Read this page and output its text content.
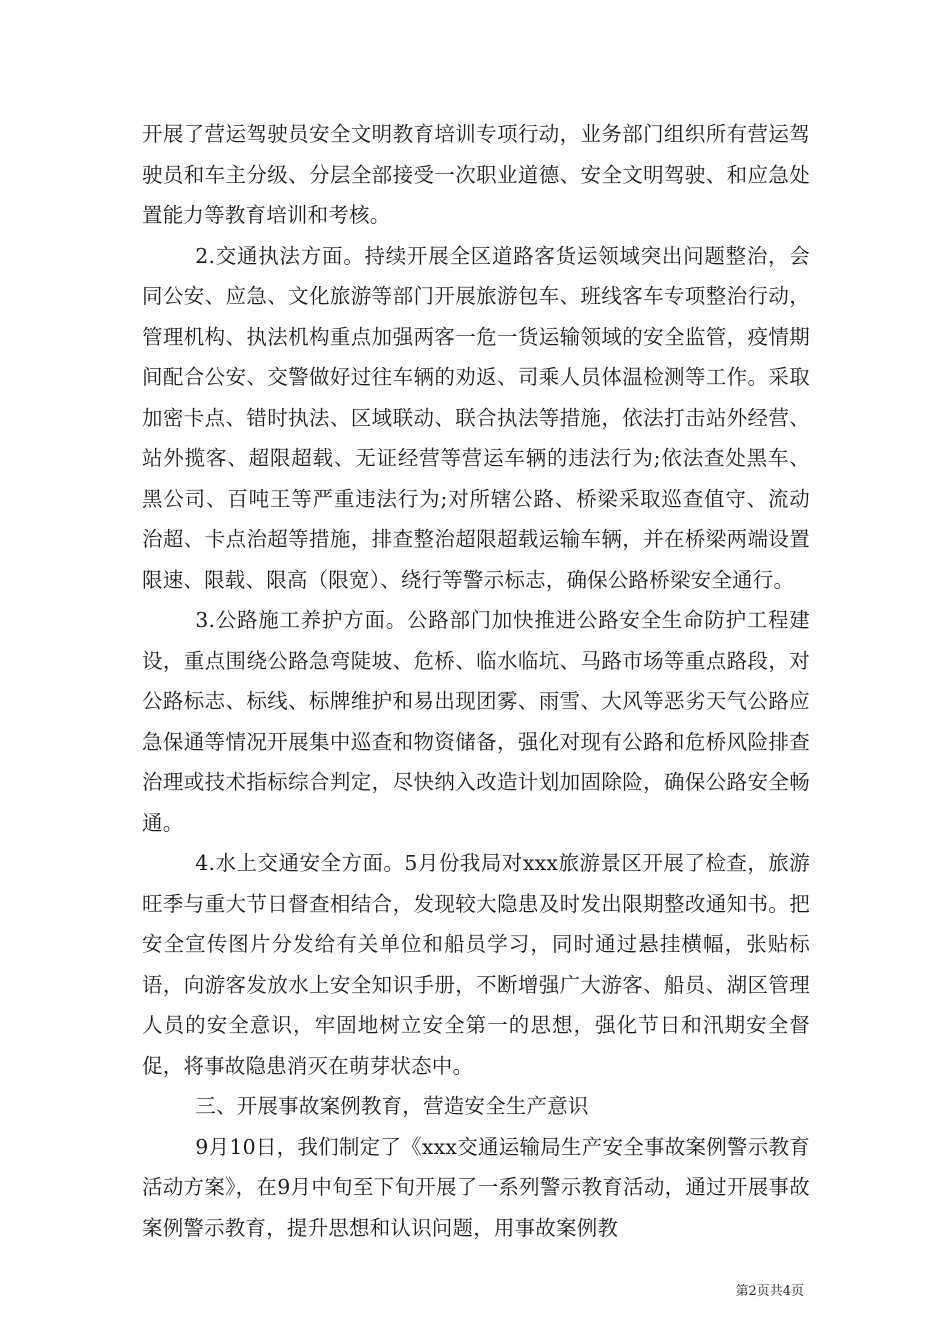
开展了营运驾驶员安全文明教育培训专项行动，业务部门组织所有营运驾驶员和车主分级、分层全部接受一次职业道德、安全文明驾驶、和应急处置能力等教育培训和考核。

2.交通执法方面。持续开展全区道路客货运领域突出问题整治，会同公安、应急、文化旅游等部门开展旅游包车、班线客车专项整治行动，管理机构、执法机构重点加强两客一危一货运输领域的安全监管，疫情期间配合公安、交警做好过往车辆的劝返、司乘人员体温检测等工作。采取加密卡点、错时执法、区域联动、联合执法等措施，依法打击站外经营、站外揽客、超限超载、无证经营等营运车辆的违法行为;依法查处黑车、黑公司、百吨王等严重违法行为;对所辖公路、桥梁采取巡查值守、流动治超、卡点治超等措施，排查整治超限超载运输车辆，并在桥梁两端设置限速、限载、限高（限宽）、绕行等警示标志，确保公路桥梁安全通行。

3.公路施工养护方面。公路部门加快推进公路安全生命防护工程建设，重点围绕公路急弯陡坡、危桥、临水临坑、马路市场等重点路段，对公路标志、标线、标牌维护和易出现团雾、雨雪、大风等恶劣天气公路应急保通等情况开展集中巡查和物资储备，强化对现有公路和危桥风险排查治理或技术指标综合判定，尽快纳入改造计划加固除险，确保公路安全畅通。

4.水上交通安全方面。5月份我局对xxx旅游景区开展了检查，旅游旺季与重大节日督查相结合，发现较大隐患及时发出限期整改通知书。把安全宣传图片分发给有关单位和船员学习，同时通过悬挂横幅，张贴标语，向游客发放水上安全知识手册，不断增强广大游客、船员、湖区管理人员的安全意识，牢固地树立安全第一的思想，强化节日和汛期安全督促，将事故隐患消灭在萌芽状态中。

三、开展事故案例教育，营造安全生产意识

9月10日，我们制定了《xxx交通运输局生产安全事故案例警示教育活动方案》，在9月中旬至下旬开展了一系列警示教育活动，通过开展事故案例警示教育，提升思想和认识问题，用事故案例教

第2页共4页
